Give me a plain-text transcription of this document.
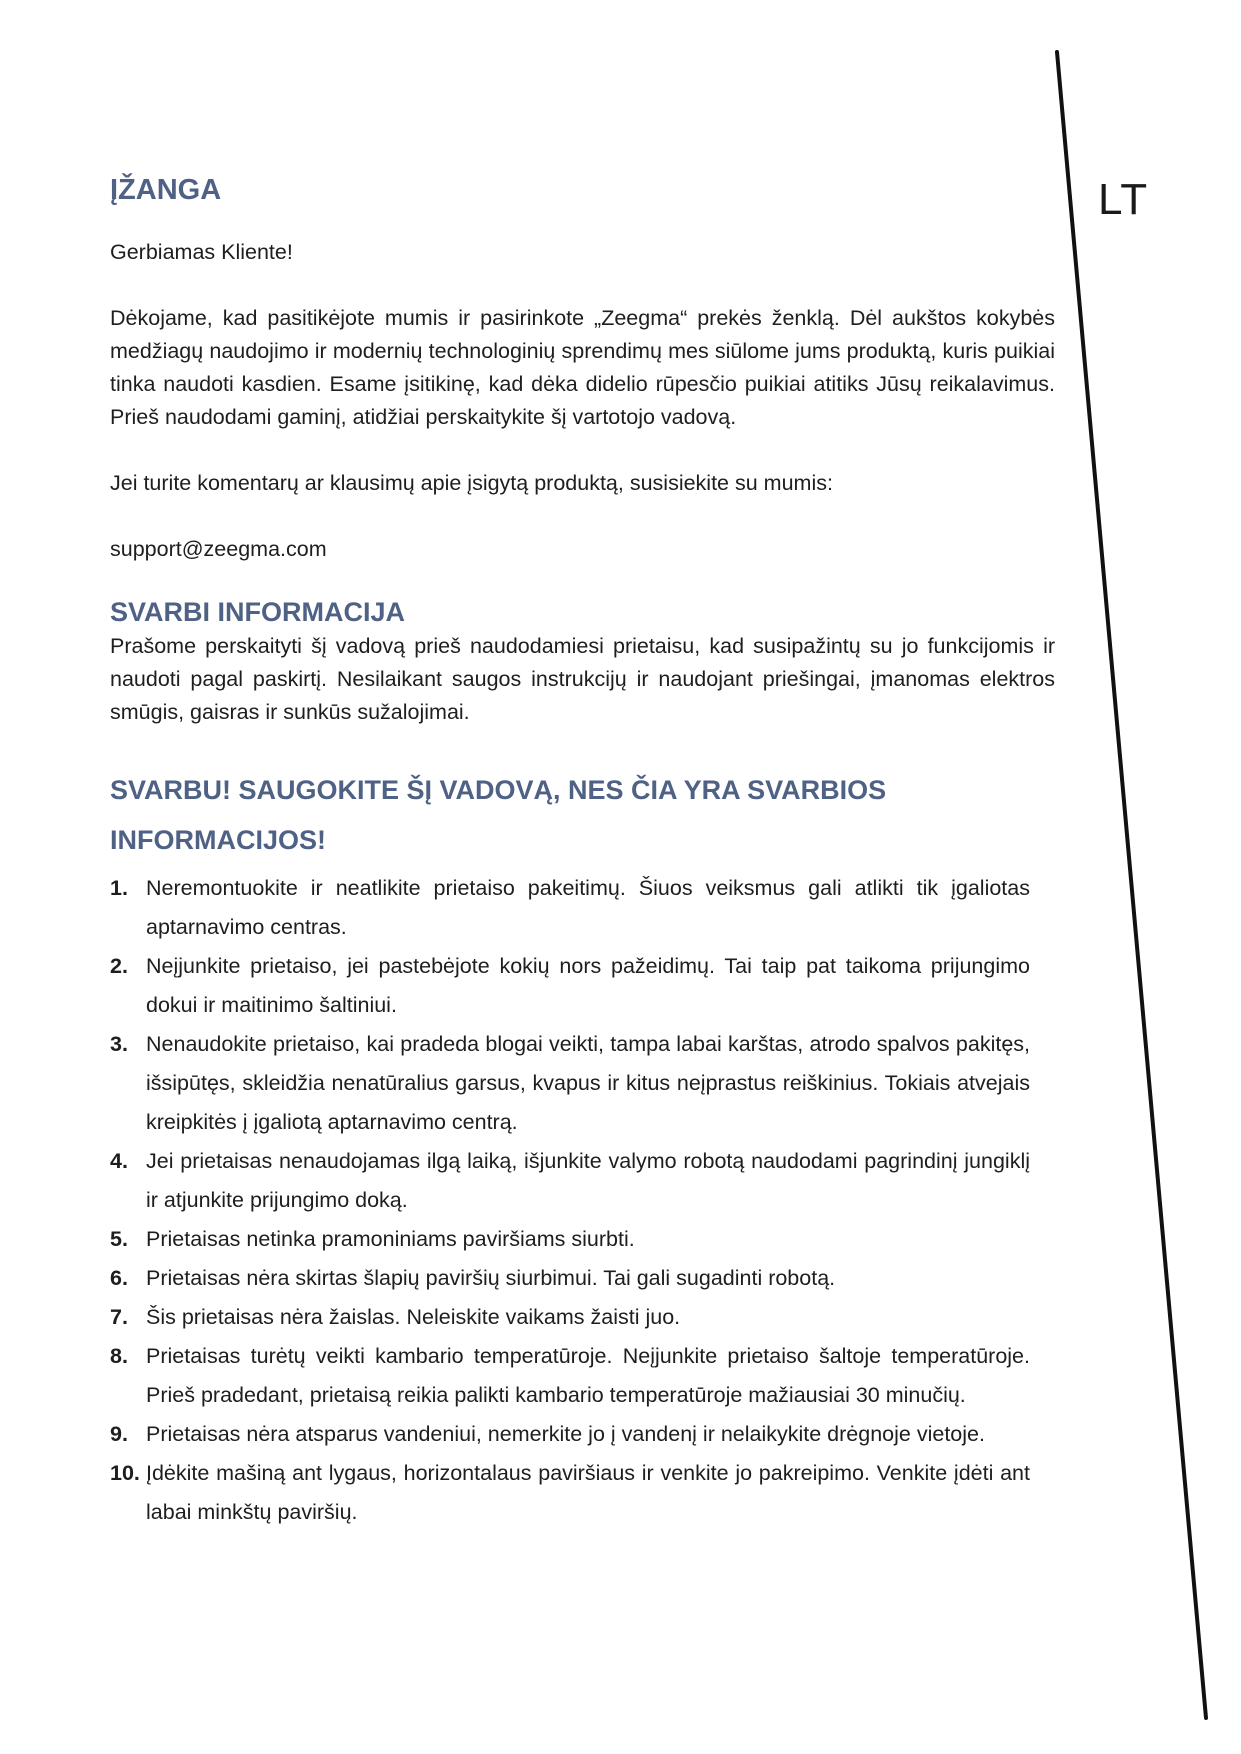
LT
ĮŽANGA

Gerbiamas Kliente!

Dėkojame, kad pasitikėjote mumis ir pasirinkote „Zeegma“ prekės ženklą. Dėl aukštos kokybės medžiagų naudojimo ir modernių technologinių sprendimų mes siūlome jums produktą, kuris puikiai tinka naudoti kasdien. Esame įsitikinę, kad dėka didelio rūpesčio puikiai atitiks Jūsų reikalavimus. Prieš naudodami gaminį, atidžiai perskaitykite šį vartotojo vadovą.

Jei turite komentarų ar klausimų apie įsigytą produktą, susisiekite su mumis:

support@zeegma.com

SVARBI INFORMACIJA

Prašome perskaityti šį vadovą prieš naudodamiesi prietaisu, kad susipažintų su jo funkcijomis ir naudoti pagal paskirtį. Nesilaikant saugos instrukcijų ir naudojant priešingai, įmanomas elektros smūgis, gaisras ir sunkūs sužalojimai.

SVARBU! SAUGOKITE ŠĮ VADOVĄ, NES ČIA YRA SVARBIOS INFORMACIJOS!
1. Neremontuokite ir neatlikite prietaiso pakeitimų. Šiuos veiksmus gali atlikti tik įgaliotas aptarnavimo centras.
2. Neįjunkite prietaiso, jei pastebėjote kokių nors pažeidimų. Tai taip pat taikoma prijungimo dokui ir maitinimo šaltiniui.
3. Nenaudokite prietaiso, kai pradeda blogai veikti, tampa labai karštas, atrodo spalvos pakitęs, išsipūtęs, skleidžia nenatūralius garsus, kvapus ir kitus neįprastus reiškinius. Tokiais atvejais kreipkitės į įgaliotą aptarnavimo centrą.
4. Jei prietaisas nenaudojamas ilgą laiką, išjunkite valymo robotą naudodami pagrindinį jungiklį ir atjunkite prijungimo doką.
5. Prietaisas netinka pramoniniams paviršiams siurbti.
6. Prietaisas nėra skirtas šlapių paviršių siurbimui. Tai gali sugadinti robotą.
7. Šis prietaisas nėra žaislas. Neleiskite vaikams žaisti juo.
8. Prietaisas turėtų veikti kambario temperatūroje. Neįjunkite prietaiso šaltoje temperatūroje. Prieš pradedant, prietaisą reikia palikti kambario temperatūroje mažiausiai 30 minučių.
9. Prietaisas nėra atsparus vandeniui, nemerkite jo į vandenį ir nelaikykite drėgnoje vietoje.
10. Įdėkite mašiną ant lygaus, horizontalaus paviršiaus ir venkite jo pakreipimo. Venkite įdėti ant labai minkštų paviršių.
